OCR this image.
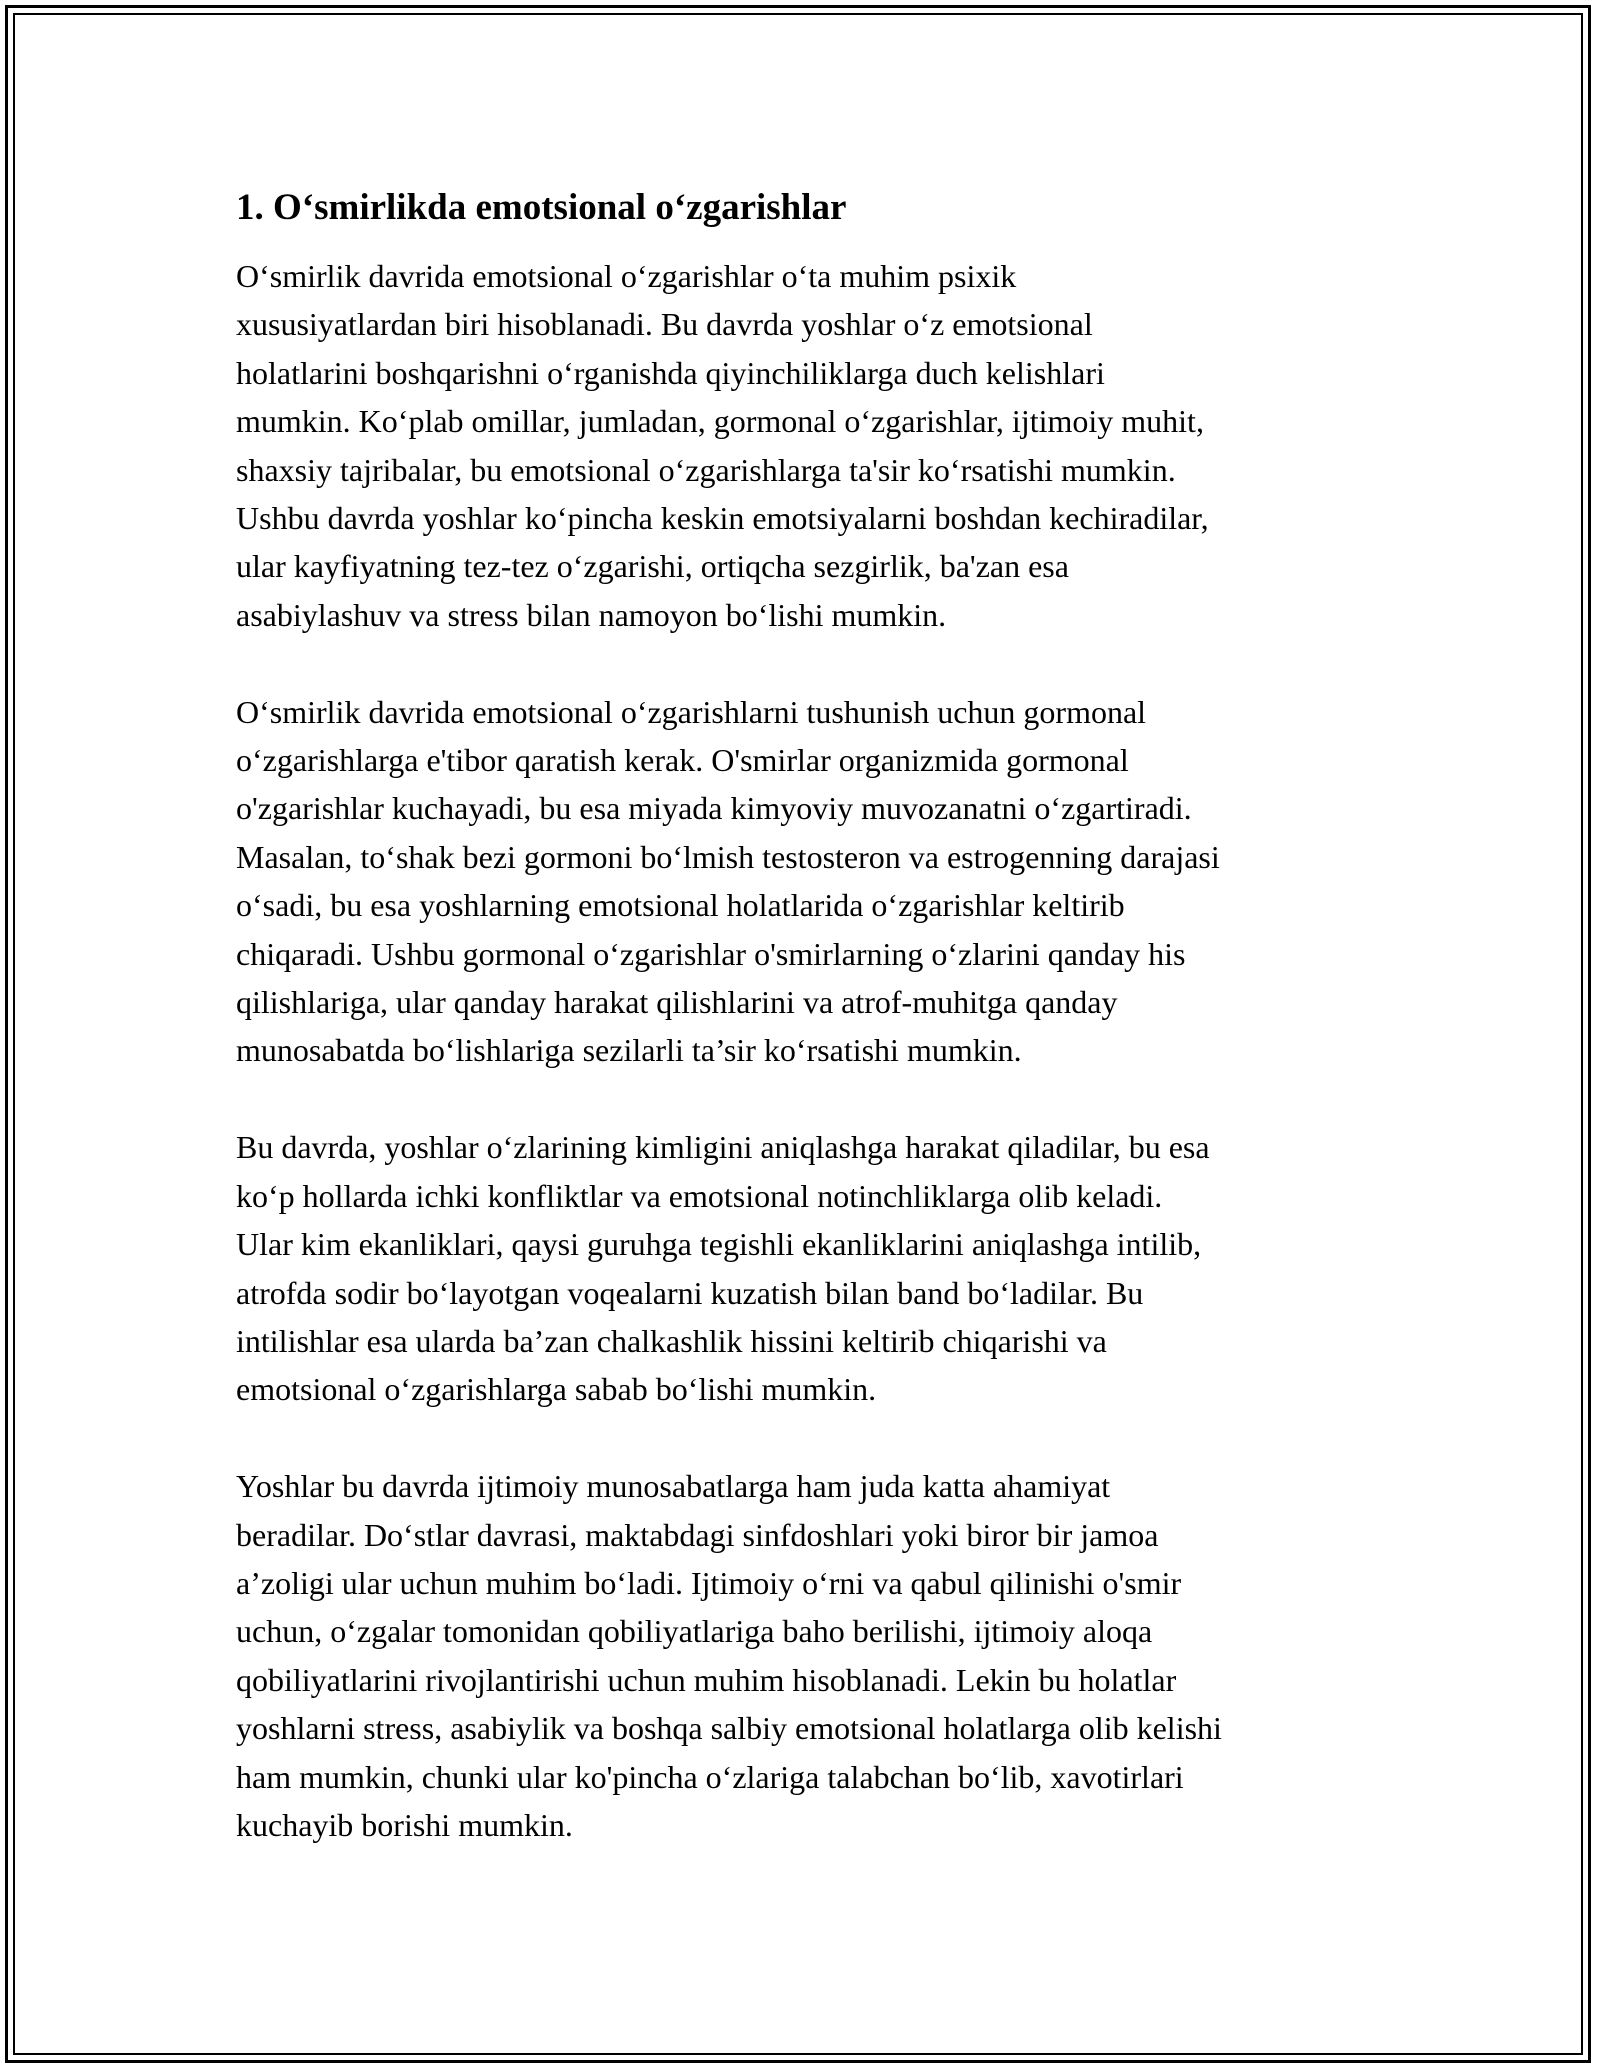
1. O‘smirlikda emotsional o‘zgarishlar

O‘smirlik davrida emotsional o‘zgarishlar o‘ta muhim psixik
xususiyatlardan biri hisoblanadi. Bu davrda yoshlar o‘z emotsional
holatlarini boshqarishni o‘rganishda qiyinchiliklarga duch kelishlari
mumkin. Ko‘plab omillar, jumladan, gormonal o‘zgarishlar, ijtimoiy muhit,
shaxsiy tajribalar, bu emotsional o‘zgarishlarga ta'sir ko‘rsatishi mumkin.
Ushbu davrda yoshlar ko‘pincha keskin emotsiyalarni boshdan kechiradilar,
ular kayfiyatning tez-tez o‘zgarishi, ortiqcha sezgirlik, ba'zan esa
asabiylashuv va stress bilan namoyon bo‘lishi mumkin.

O‘smirlik davrida emotsional o‘zgarishlarni tushunish uchun gormonal
o‘zgarishlarga e'tibor qaratish kerak. O'smirlar organizmida gormonal
o'zgarishlar kuchayadi, bu esa miyada kimyoviy muvozanatni o‘zgartiradi.
Masalan, to‘shak bezi gormoni bo‘lmish testosteron va estrogenning darajasi
o‘sadi, bu esa yoshlarning emotsional holatlarida o‘zgarishlar keltirib
chiqaradi. Ushbu gormonal o‘zgarishlar o'smirlarning o‘zlarini qanday his
qilishlariga, ular qanday harakat qilishlarini va atrof-muhitga qanday
munosabatda bo‘lishlariga sezilarli ta’sir ko‘rsatishi mumkin.

Bu davrda, yoshlar o‘zlarining kimligini aniqlashga harakat qiladilar, bu esa
ko‘p hollarda ichki konfliktlar va emotsional notinchliklarga olib keladi.
Ular kim ekanliklari, qaysi guruhga tegishli ekanliklarini aniqlashga intilib,
atrofda sodir bo‘layotgan voqealarni kuzatish bilan band bo‘ladilar. Bu
intilishlar esa ularda ba’zan chalkashlik hissini keltirib chiqarishi va
emotsional o‘zgarishlarga sabab bo‘lishi mumkin.

Yoshlar bu davrda ijtimoiy munosabatlarga ham juda katta ahamiyat
beradilar. Do‘stlar davrasi, maktabdagi sinfdoshlari yoki biror bir jamoa
a’zoligi ular uchun muhim bo‘ladi. Ijtimoiy o‘rni va qabul qilinishi o'smir
uchun, o‘zgalar tomonidan qobiliyatlariga baho berilishi, ijtimoiy aloqa
qobiliyatlarini rivojlantirishi uchun muhim hisoblanadi. Lekin bu holatlar
yoshlarni stress, asabiylik va boshqa salbiy emotsional holatlarga olib kelishi
ham mumkin, chunki ular ko'pincha o‘zlariga talabchan bo‘lib, xavotirlari
kuchayib borishi mumkin.
